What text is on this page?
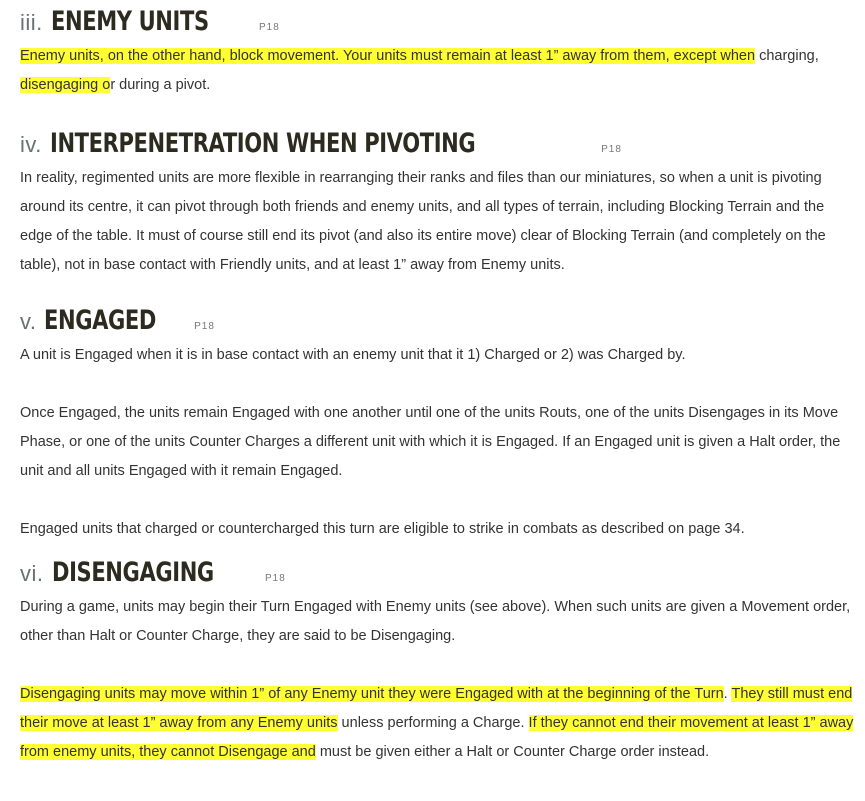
iii. ENEMY UNITS	P18

Enemy units, on the other hand, block movement. Your units must remain at least 1” away from them, except when charging, disengaging or during a pivot.

iv. INTERPENETRATION WHEN PIVOTING	P18

In reality, regimented units are more flexible in rearranging their ranks and files than our miniatures, so when a unit is pivoting around its centre, it can pivot through both friends and enemy units, and all types of terrain, including Blocking Terrain and the edge of the table. It must of course still end its pivot (and also its entire move) clear of Blocking Terrain (and completely on the table), not in base contact with Friendly units, and at least 1” away from Enemy units.

v. ENGAGED	P18

A unit is Engaged when it is in base contact with an enemy unit that it 1) Charged or 2) was Charged by.

Once Engaged, the units remain Engaged with one another until one of the units Routs, one of the units Disengages in its Move Phase, or one of the units Counter Charges a different unit with which it is Engaged. If an Engaged unit is given a Halt order, the unit and all units Engaged with it remain Engaged.

Engaged units that charged or countercharged this turn are eligible to strike in combats as described on page 34.

vi. DISENGAGING	P18

During a game, units may begin their Turn Engaged with Enemy units (see above). When such units are given a Movement order, other than Halt or Counter Charge, they are said to be Disengaging.

Disengaging units may move within 1” of any Enemy unit they were Engaged with at the beginning of the Turn. They still must end their move at least 1” away from any Enemy units unless performing a Charge. If they cannot end their movement at least 1” away from enemy units, they cannot Disengage and must be given either a Halt or Counter Charge order instead.
